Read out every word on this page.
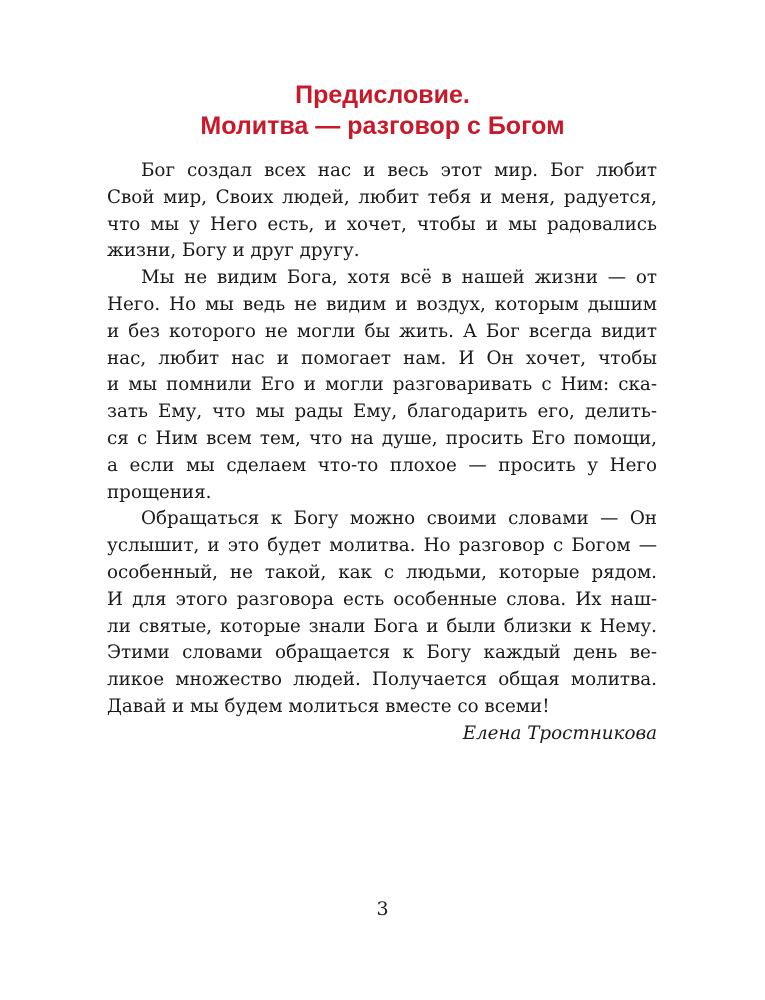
Предисловие.
Молитва — разговор с Богом

Бог создал всех нас и весь этот мир. Бог любит
Свой мир, Своих людей, любит тебя и меня, радуется,
что мы у Него есть, и хочет, чтобы и мы радовались
жизни, Богу и друг другу.

Мы не видим Бога, хотя всё в нашей жизни — от
Него. Но мы ведь не видим и воздух, которым дышим
и без которого не могли бы жить. А Бог всегда видит
нас, любит нас и помогает нам. И Он хочет, чтобы
и мы помнили Его и могли разговаривать с Ним: ска-
зать Ему, что мы рады Ему, благодарить его, делить-
ся с Ним всем тем, что на душе, просить Его помощи,
а если мы сделаем что-то плохое — просить у Него
прощения.

Обращаться к Богу можно своими словами — Он
услышит, и это будет молитва. Но разговор с Богом —
особенный, не такой, как с людьми, которые рядом.
И для этого разговора есть особенные слова. Их наш-
ли святые, которые знали Бога и были близки к Нему.
Этими словами обращается к Богу каждый день ве-
ликое множество людей. Получается общая молитва.
Давай и мы будем молиться вместе со всеми!

Елена Тростникова

3
